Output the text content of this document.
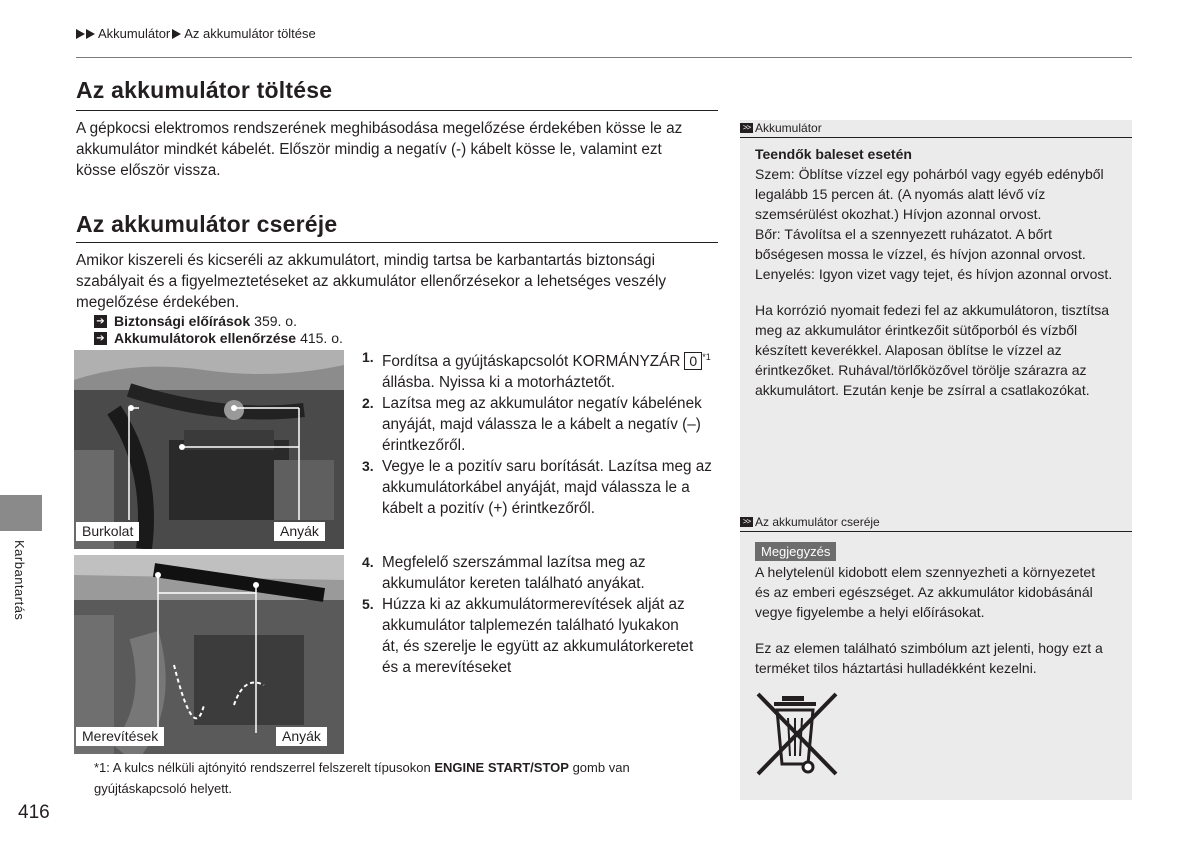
Akkumulátor Az akkumulátor töltése
Az akkumulátor töltése
A gépkocsi elektromos rendszerének meghibásodása megelőzése érdekében kösse le az
akkumulátor mindkét kábelét. Először mindig a negatív (-) kábelt kösse le, valamint ezt
kösse először vissza.
Az akkumulátor cseréje
Amikor kiszereli és kicseréli az akkumulátort, mindig tartsa be karbantartás biztonsági
szabályait és a figyelmeztetéseket az akkumulátor ellenőrzésekor a lehetséges veszély
megelőzése érdekében.
➔ Biztonsági előírások 359. o.
➔ Akkumulátorok ellenőrzése 415. o.
Burkolat	Anyák
Merevítések	Anyák
1. Fordítsa a gyújtáskapcsolót KORMÁNYZÁR 0 $^{*1}$
állásba. Nyissa ki a motorháztetőt.
2. Lazítsa meg az akkumulátor negatív kábelének
anyáját, majd válassza le a kábelt a negatív (–)
érintkezőről.
3. Vegye le a pozitív saru borítását. Lazítsa meg az
akkumulátorkábel anyáját, majd válassza le a
kábelt a pozitív (+) érintkezőről.
4. Megfelelő szerszámmal lazítsa meg az
akkumulátor kereten található anyákat.
5. Húzza ki az akkumulátormerevítések alját az
akkumulátor talplemezén található lyukakon
át, és szerelje le együtt az akkumulátorkeretet
és a merevítéseket
*1: A kulcs nélküli ajtónyitó rendszerrel felszerelt típusokon ENGINE START/STOP gomb van
gyújtáskapcsoló helyett.
416
Karbantartás
>> Akkumulátor
Teendők baleset esetén
Szem: Öblítse vízzel egy pohárból vagy egyéb edényből
legalább 15 percen át. (A nyomás alatt lévő víz
szemsérülést okozhat.) Hívjon azonnal orvost.
Bőr: Távolítsa el a szennyezett ruházatot. A bőrt
bőségesen mossa le vízzel, és hívjon azonnal orvost.
Lenyelés: Igyon vizet vagy tejet, és hívjon azonnal orvost.
Ha korrózió nyomait fedezi fel az akkumulátoron, tisztítsa
meg az akkumulátor érintkezőit sütőporból és vízből
készített keverékkel. Alaposan öblítse le vízzel az
érintkezőket. Ruhával/törlőközővel törölje szárazra az
akkumulátort. Ezután kenje be zsírral a csatlakozókat.
>> Az akkumulátor cseréje
Megjegyzés
A helytelenül kidobott elem szennyezheti a környezetet
és az emberi egészséget. Az akkumulátor kidobásánál
vegye figyelembe a helyi előírásokat.
Ez az elemen található szimbólum azt jelenti, hogy ezt a
terméket tilos háztartási hulladékként kezelni.
